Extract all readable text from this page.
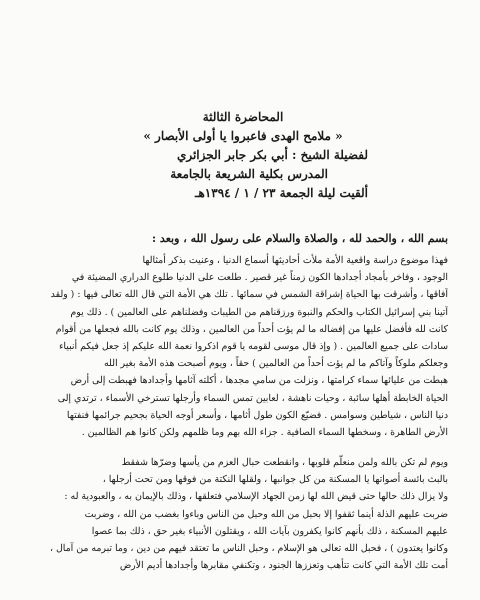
المحاضرة الثالثة
« ملامح الهدى فاعبروا يا أولى الأبصار »
لفضيلة الشيخ : أبي بكر جابر الجزائري
المدرس بكلية الشريعة بالجامعة
ألقيت ليلة الجمعة ٢٣ / ١ / ١٣٩٤هـ
بسم الله ، والحمد لله ، والصلاة والسلام على رسول الله ، وبعد :
فهذا موضوع دراسة واقعية الأمة ملأت أحاديثها أسماع الدنيا ، وعنيت بذكر أمثالها
الوجود ، وفاخر بأمجاد أجدادها الكون زمناً غير قصير . طلعت على الدنيا طلوع الدراري المضيئة في
آفاقها ، وأشرقت بها الحياة إشراقة الشمس في سمائها . تلك هي الأمة التي قال الله تعالى فيها : ( ولقد
آتينا بني إسرائيل الكتاب والحكم والنبوة ورزقناهم من الطيبات وفضلناهم على العالمين ) . ذلك يوم
كانت لله فأفضل عليها من إفضاله ما لم يؤت أحداً من العالمين ، وذلك يوم كانت بالله فجعلها من أقوام
سادات على جميع العالمين . ( وإذ قال موسى لقومه يا قوم اذكروا نعمة الله عليكم إذ جعل فيكم أنبياء
وجعلكم ملوكاً وآتاكم ما لم يؤت أحداً من العالمين ) حقاً ، ويوم أصبحت هذه الأمة بغير الله
هبطت من عليائها سماء كرامتها ، ونزلت من سامي مجدها ، أكلته آثامها وأجدادها فهبطت إلى أرض
الحياة الخابطة أهلها سائبة ، وحيات ناهشة ، لعابين تمس السماء وأرجلها تسترخي الأسماء ، ترتدي إلى
دنيا الناس ، شياطين وسوامس . فضيّع الكون طول أثامها ، وأسعر أوجه الحياة بجحيم جرائمها فنفتها
الأرض الطاهرة ، وسخطها السماء الصافية . جزاء الله بهم وما ظلمهم ولكن كانوا هم الظالمين .
ويوم لم تكن بالله ولمن منعلّم قلوبها ، وانقطعت حبال العزم من يأسها وضرّها شفقط
بالبث بائسة أصواتها يا المسكنة من كل جوانبها ، ولقلها النكتة من فوقها ومن تحت أرجلها ،
ولا يزال ذلك حالها حتى قيض الله لها زمن الجهاد الإسلامي فتعلقها ، وذلك بالإيمان به ، والعبودية له :
ضربت عليهم الذلة أينما ثقفوا إلا بحبل من الله وحبل من الناس وباءوا بغضب من الله ، وضربت
عليهم المسكنة ، ذلك بأنهم كانوا يكفرون بآيات الله ، ويقتلون الأنبياء بغير حق ، ذلك بما عصوا
وكانوا يعتدون ) ، فحبل الله تعالى هو الإسلام ، وحبل الناس ما تعتقد فيهم من دين ، وما تبرمه من آمال ،
أمت تلك الأمة التي كانت تتأهب وتعززها الجنود ، وتكنفي مقابرها وأجدادها أديم الأرض
